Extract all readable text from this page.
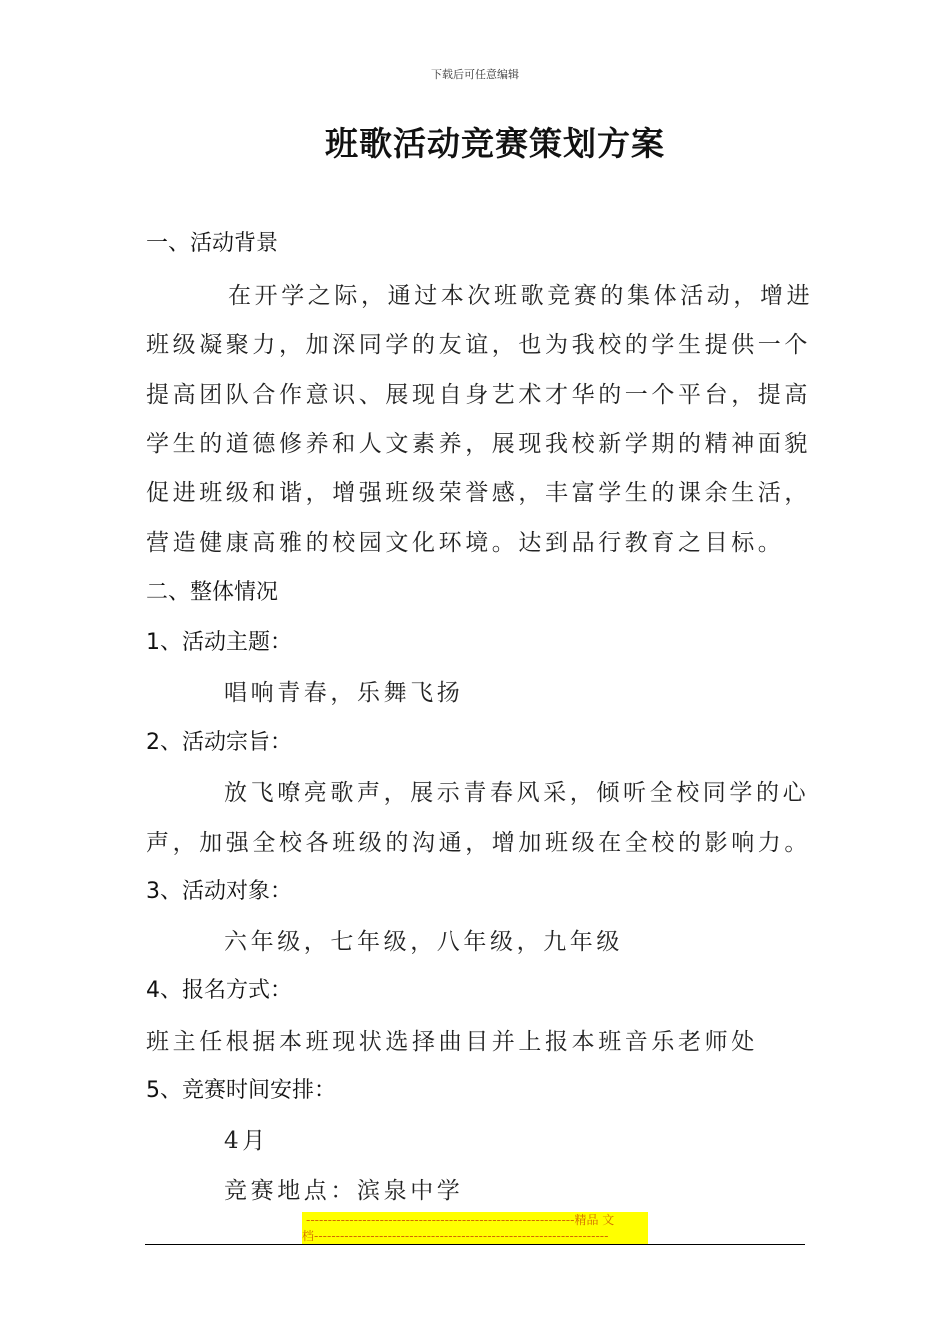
下载后可任意编辑
班歌活动竞赛策划方案
一、活动背景
在开学之际，通过本次班歌竞赛的集体活动，增进
班级凝聚力，加深同学的友谊，也为我校的学生提供一个
提高团队合作意识、展现自身艺术才华的一个平台，提高
学生的道德修养和人文素养，展现我校新学期的精神面貌
促进班级和谐，增强班级荣誉感，丰富学生的课余生活，
营造健康高雅的校园文化环境。达到品行教育之目标。
二、整体情况
1、活动主题：
唱响青春，乐舞飞扬
2、活动宗旨：
放飞嘹亮歌声，展示青春风采，倾听全校同学的心
声，加强全校各班级的沟通，增加班级在全校的影响力。
3、活动对象：
六年级，七年级，八年级，九年级
4、报名方式：
班主任根据本班现状选择曲目并上报本班音乐老师处
5、竞赛时间安排：
4月
竞赛地点：滨泉中学
--------------------------------------------------------------精品 文
档--------------------------------------------------------------------
